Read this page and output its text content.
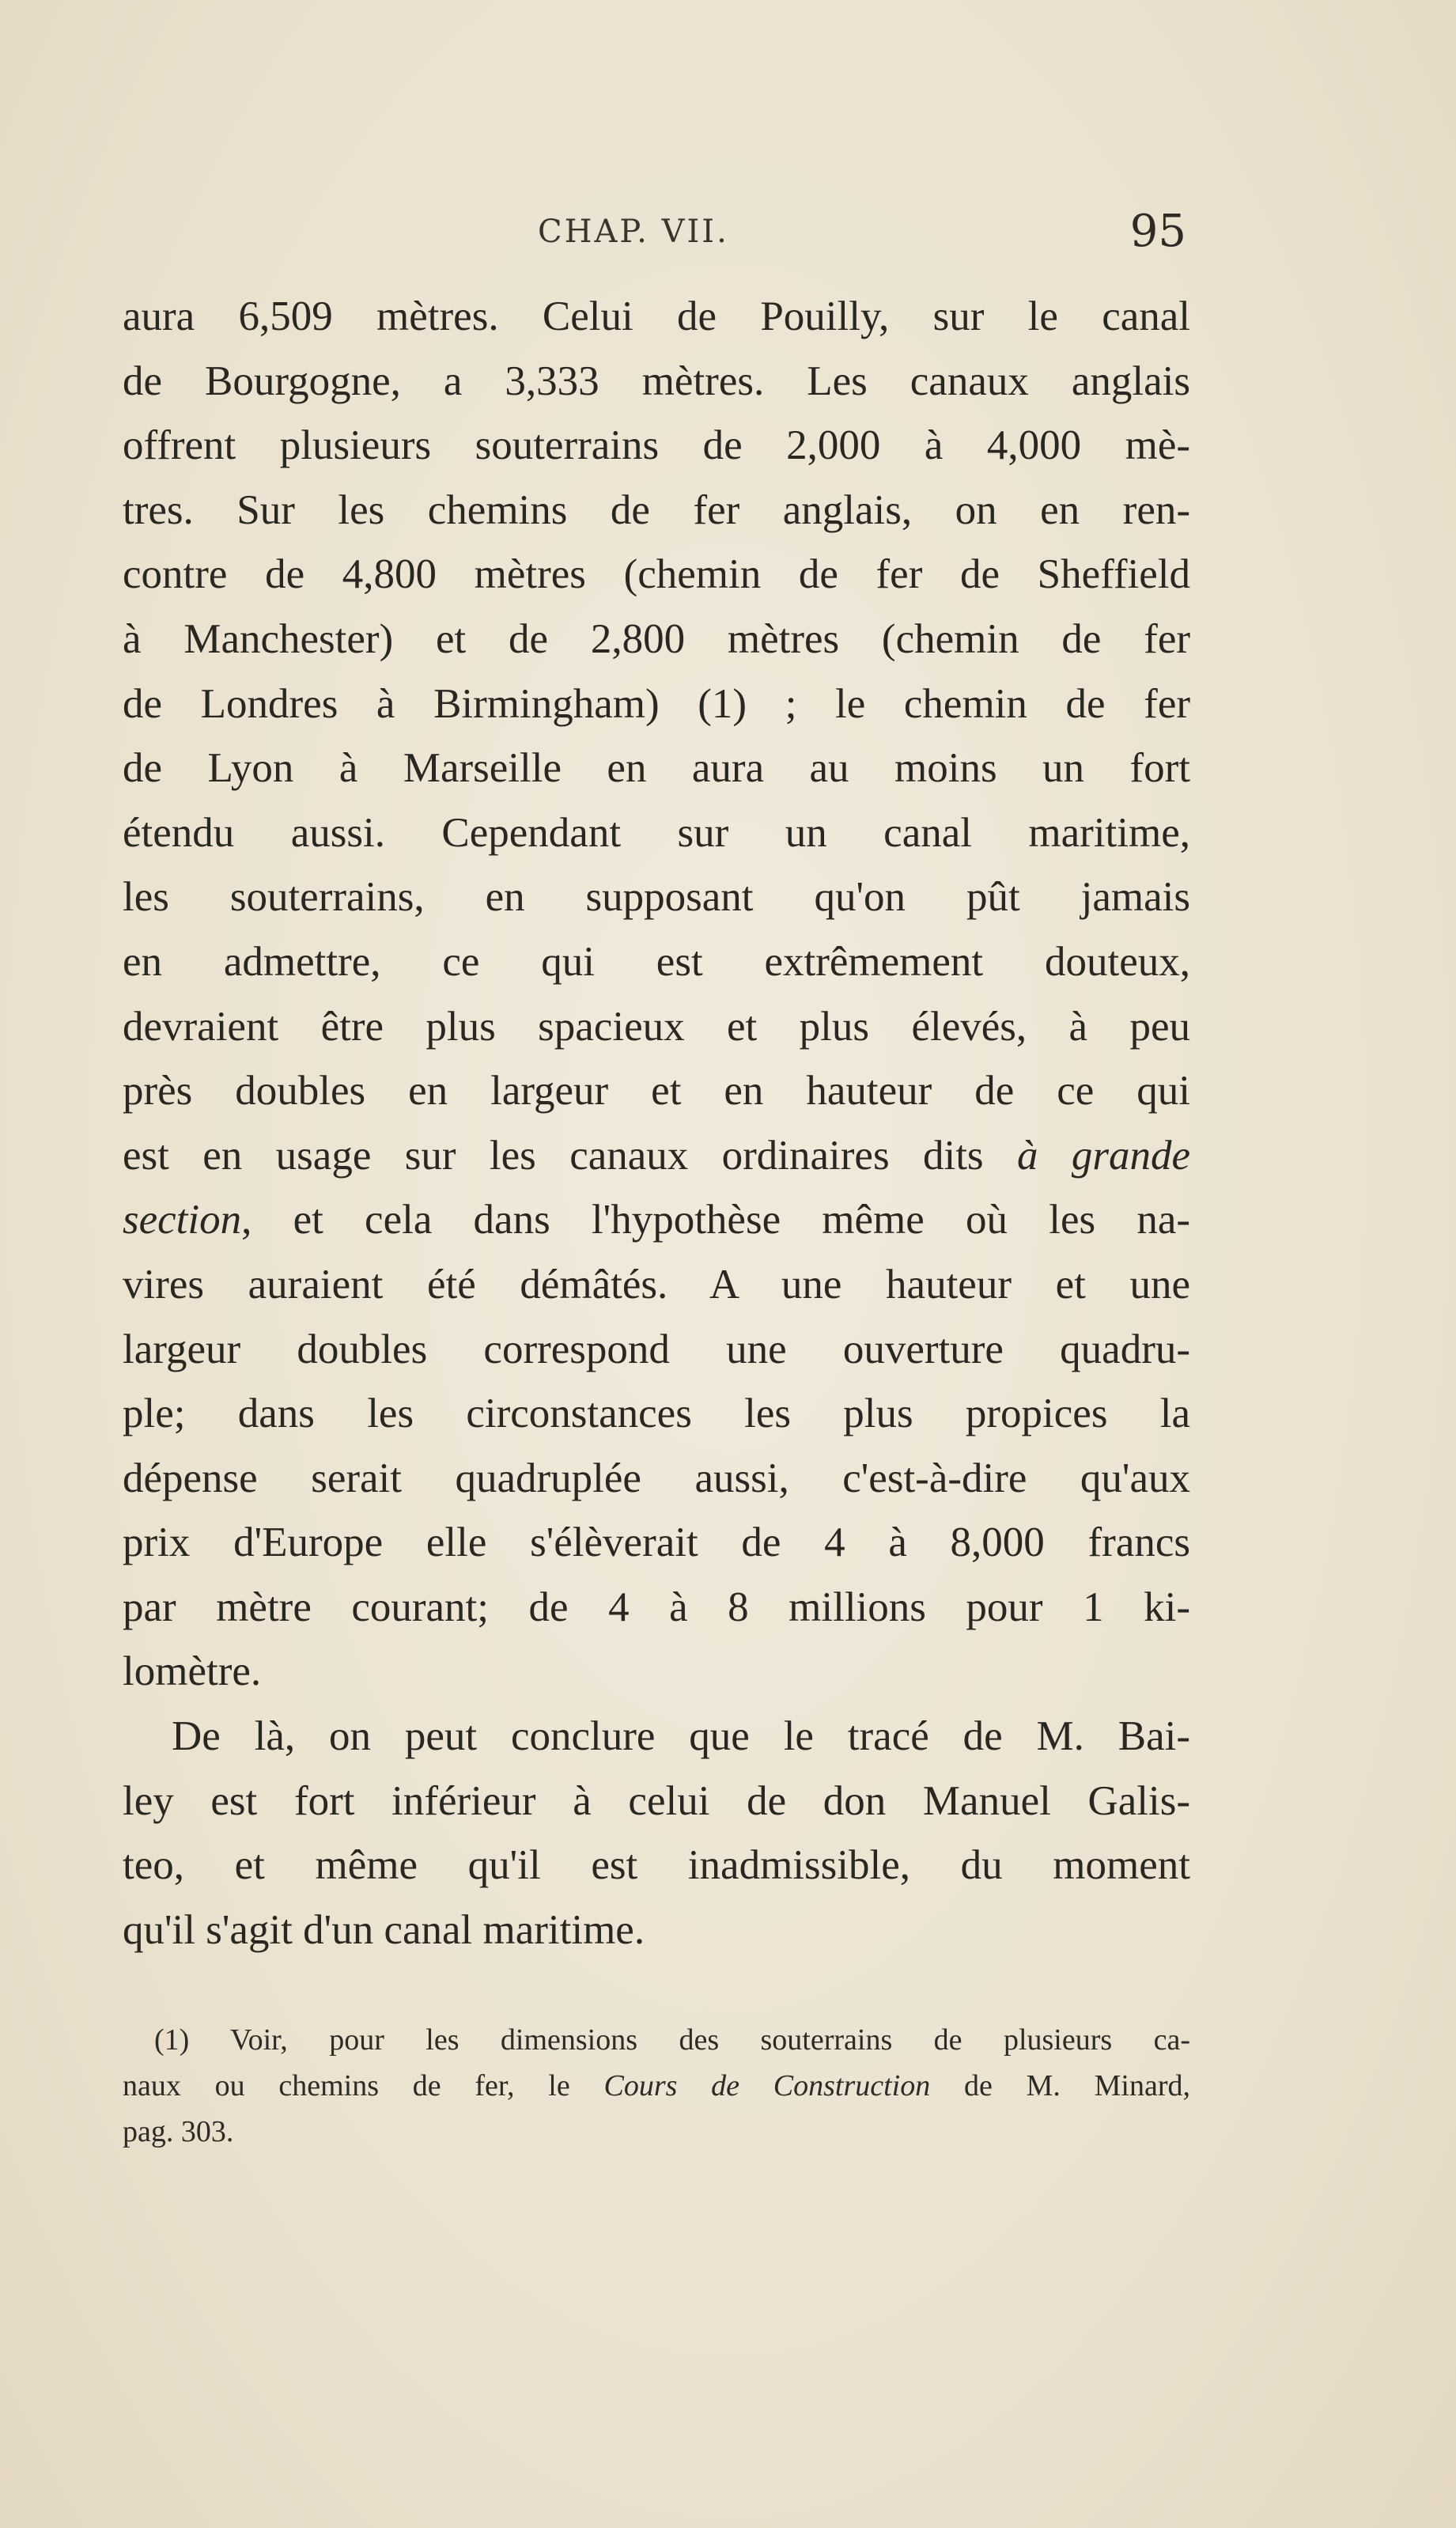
CHAP. VII.	95
aura 6,509 mètres. Celui de Pouilly, sur le canal
de Bourgogne, a 3,333 mètres. Les canaux anglais
offrent plusieurs souterrains de 2,000 à 4,000 mè-
tres. Sur les chemins de fer anglais, on en ren-
contre de 4,800 mètres (chemin de fer de Sheffield
à Manchester) et de 2,800 mètres (chemin de fer
de Londres à Birmingham) (1) ; le chemin de fer
de Lyon à Marseille en aura au moins un fort
étendu aussi. Cependant sur un canal maritime,
les souterrains, en supposant qu'on pût jamais
en admettre, ce qui est extrêmement douteux,
devraient être plus spacieux et plus élevés, à peu
près doubles en largeur et en hauteur de ce qui
est en usage sur les canaux ordinaires dits à grande
section, et cela dans l'hypothèse même où les na-
vires auraient été démâtés. A une hauteur et une
largeur doubles correspond une ouverture quadru-
ple; dans les circonstances les plus propices la
dépense serait quadruplée aussi, c'est-à-dire qu'aux
prix d'Europe elle s'élèverait de 4 à 8,000 francs
par mètre courant; de 4 à 8 millions pour 1 ki-
lomètre.
De là, on peut conclure que le tracé de M. Bai-
ley est fort inférieur à celui de don Manuel Galis-
teo, et même qu'il est inadmissible, du moment
qu'il s'agit d'un canal maritime.
(1) Voir, pour les dimensions des souterrains de plusieurs ca-
naux ou chemins de fer, le Cours de Construction de M. Minard,
pag. 303.
